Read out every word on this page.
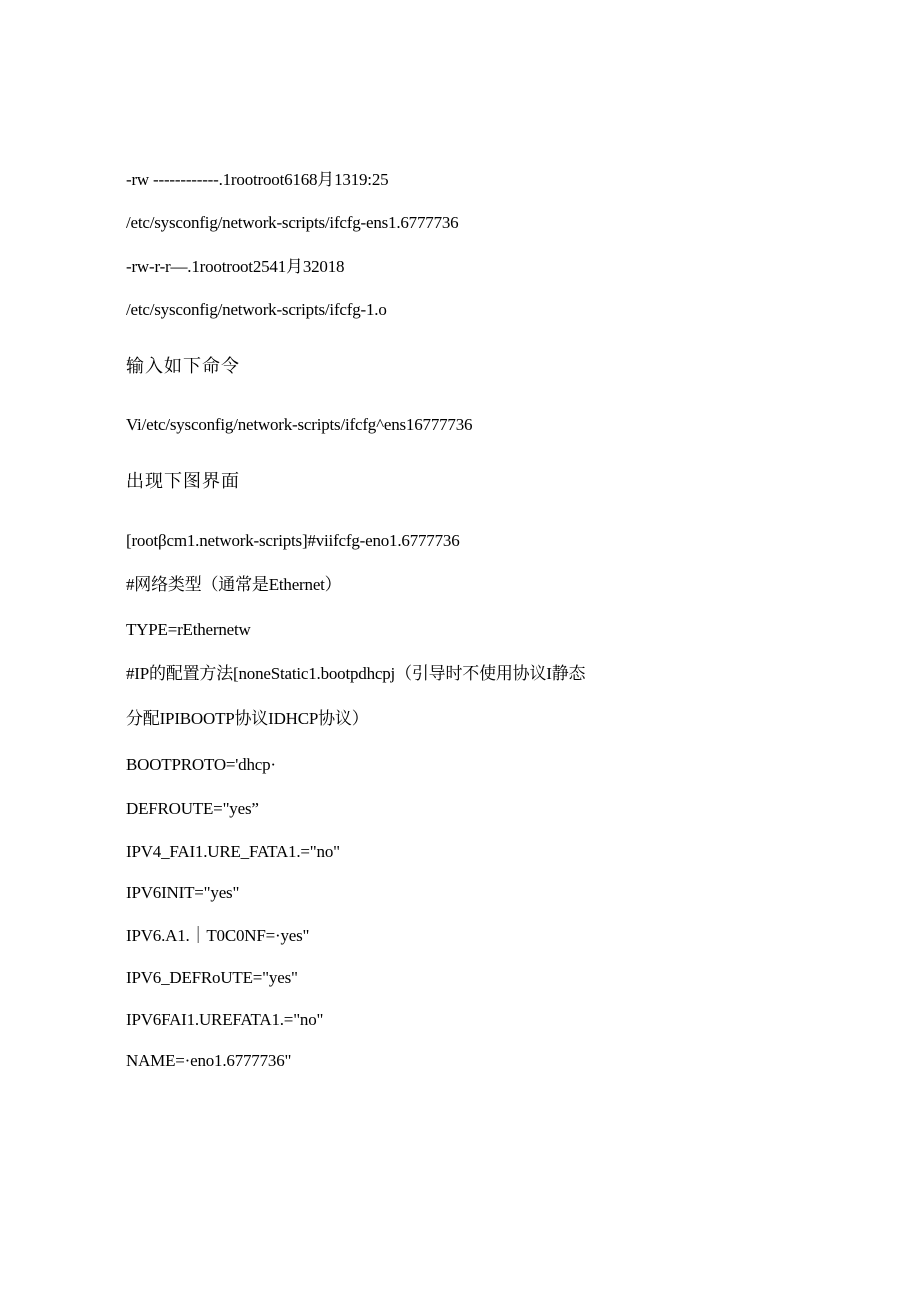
-rw ------------.1rootroot6168月1319:25
/etc/sysconfig/network-scripts/ifcfg-ens1.6777736
-rw-r-r—.1rootroot2541月32018
/etc/sysconfig/network-scripts/ifcfg-1.o
输入如下命令
Vi/etc/sysconfig/network-scripts/ifcfg^ens16777736
出现下图界面
[rootβcm1.network-scripts]#viifcfg-eno1.6777736
#网络类型（通常是Ethernet）
TYPE=rEthernetw
#IP的配置方法[noneStatic1.bootpdhcpj（引导时不使用协议I静态
分配IPIBOOTP协议IDHCP协议）
BOOTPROTO='dhcp·
DEFROUTE="yes”
IPV4_FAI1.URE_FATA1.="no"
IPV6INIT="yes"
IPV6.A1.｜T0C0NF=·yes"
IPV6_DEFRoUTE="yes"
IPV6FAI1.UREFATA1.="no"
NAME=·eno1.6777736"
